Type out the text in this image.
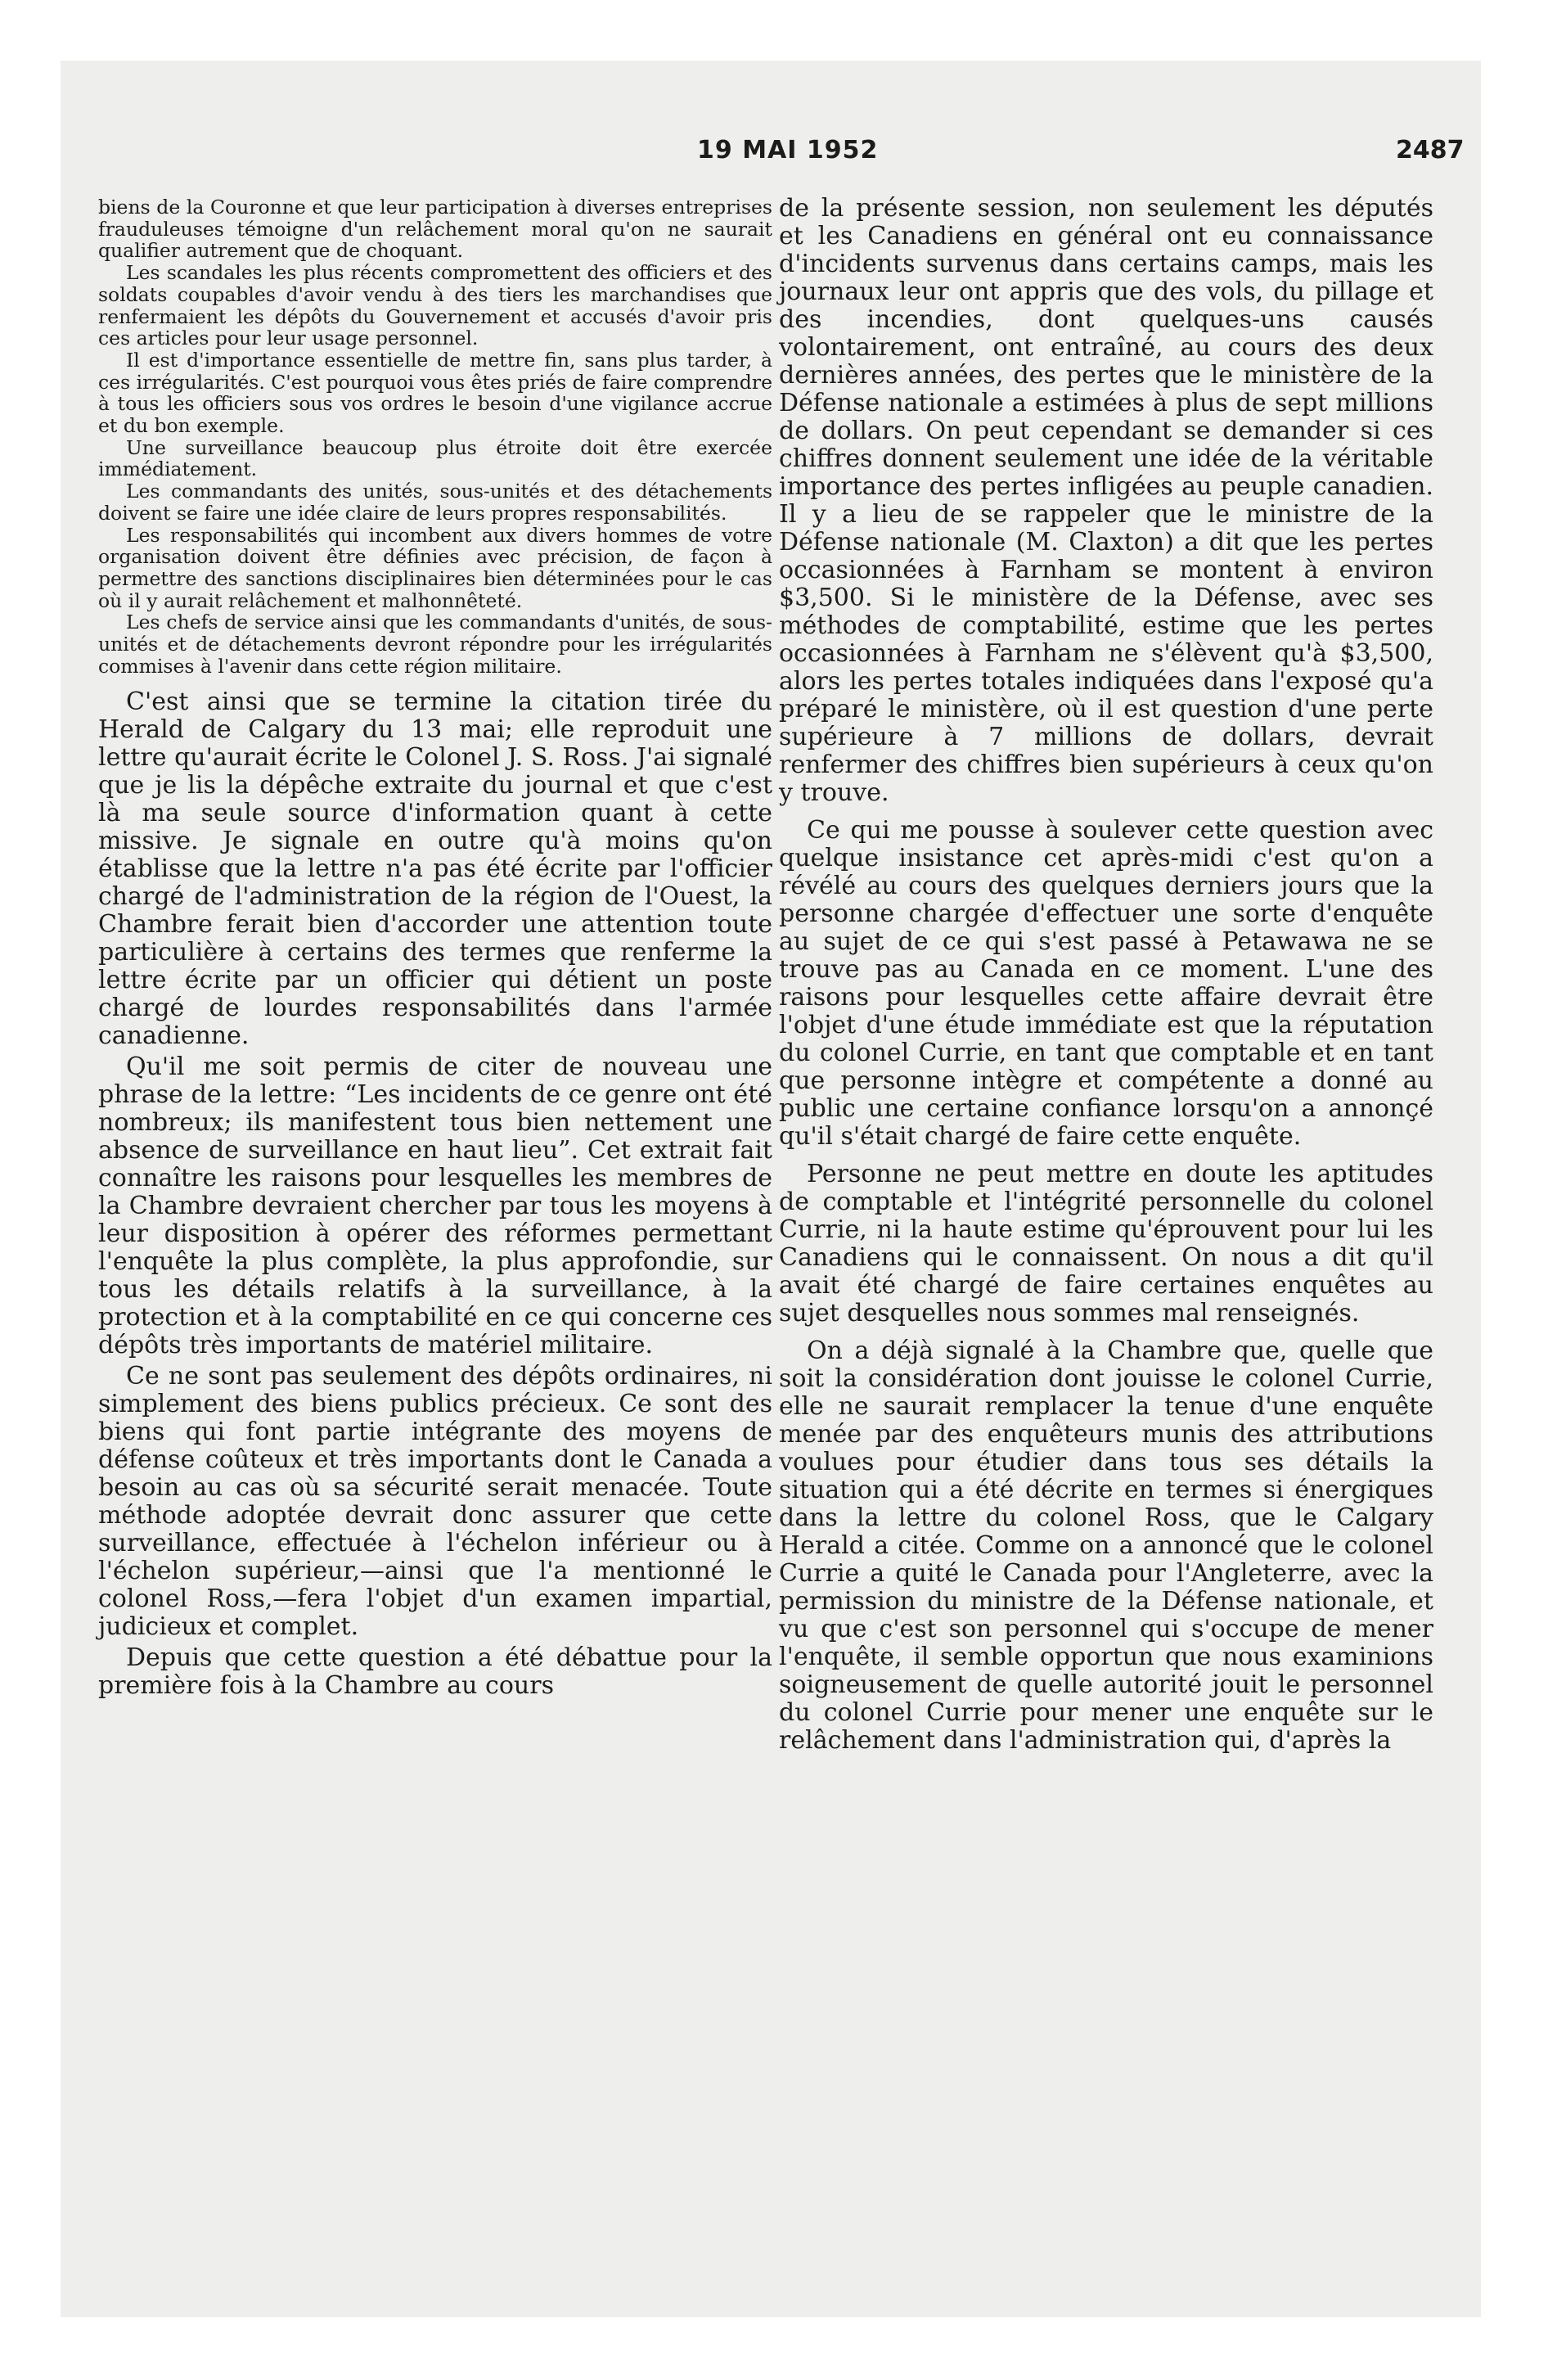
19 MAI 1952	2487

biens de la Couronne et que leur participation à diverses entreprises frauduleuses témoigne d'un relâchement moral qu'on ne saurait qualifier autrement que de choquant.

Les scandales les plus récents compromettent des officiers et des soldats coupables d'avoir vendu à des tiers les marchandises que renfermaient les dépôts du Gouvernement et accusés d'avoir pris ces articles pour leur usage personnel.

Il est d'importance essentielle de mettre fin, sans plus tarder, à ces irrégularités. C'est pourquoi vous êtes priés de faire comprendre à tous les officiers sous vos ordres le besoin d'une vigilance accrue et du bon exemple.

Une surveillance beaucoup plus étroite doit être exercée immédiatement.

Les commandants des unités, sous-unités et des détachements doivent se faire une idée claire de leurs propres responsabilités.

Les responsabilités qui incombent aux divers hommes de votre organisation doivent être définies avec précision, de façon à permettre des sanctions disciplinaires bien déterminées pour le cas où il y aurait relâchement et malhonnêteté.

Les chefs de service ainsi que les commandants d'unités, de sous-unités et de détachements devront répondre pour les irrégularités commises à l'avenir dans cette région militaire.

C'est ainsi que se termine la citation tirée du Herald de Calgary du 13 mai; elle reproduit une lettre qu'aurait écrite le Colonel J. S. Ross. J'ai signalé que je lis la dépêche extraite du journal et que c'est là ma seule source d'information quant à cette missive. Je signale en outre qu'à moins qu'on établisse que la lettre n'a pas été écrite par l'officier chargé de l'administration de la région de l'Ouest, la Chambre ferait bien d'accorder une attention toute particulière à certains des termes que renferme la lettre écrite par un officier qui détient un poste chargé de lourdes responsabilités dans l'armée canadienne.

Qu'il me soit permis de citer de nouveau une phrase de la lettre: “Les incidents de ce genre ont été nombreux; ils manifestent tous bien nettement une absence de surveillance en haut lieu”. Cet extrait fait connaître les raisons pour lesquelles les membres de la Chambre devraient chercher par tous les moyens à leur disposition à opérer des réformes permettant l'enquête la plus complète, la plus approfondie, sur tous les détails relatifs à la surveillance, à la protection et à la comptabilité en ce qui concerne ces dépôts très importants de matériel militaire.

Ce ne sont pas seulement des dépôts ordinaires, ni simplement des biens publics précieux. Ce sont des biens qui font partie intégrante des moyens de défense coûteux et très importants dont le Canada a besoin au cas où sa sécurité serait menacée. Toute méthode adoptée devrait donc assurer que cette surveillance, effectuée à l'échelon inférieur ou à l'échelon supérieur,—ainsi que l'a mentionné le colonel Ross,—fera l'objet d'un examen impartial, judicieux et complet.

Depuis que cette question a été débattue pour la première fois à la Chambre au cours

de la présente session, non seulement les députés et les Canadiens en général ont eu connaissance d'incidents survenus dans certains camps, mais les journaux leur ont appris que des vols, du pillage et des incendies, dont quelques-uns causés volontairement, ont entraîné, au cours des deux dernières années, des pertes que le ministère de la Défense nationale a estimées à plus de sept millions de dollars. On peut cependant se demander si ces chiffres donnent seulement une idée de la véritable importance des pertes infligées au peuple canadien. Il y a lieu de se rappeler que le ministre de la Défense nationale (M. Claxton) a dit que les pertes occasionnées à Farnham se montent à environ $3,500. Si le ministère de la Défense, avec ses méthodes de comptabilité, estime que les pertes occasionnées à Farnham ne s'élèvent qu'à $3,500, alors les pertes totales indiquées dans l'exposé qu'a préparé le ministère, où il est question d'une perte supérieure à 7 millions de dollars, devrait renfermer des chiffres bien supérieurs à ceux qu'on y trouve.

Ce qui me pousse à soulever cette question avec quelque insistance cet après-midi c'est qu'on a révélé au cours des quelques derniers jours que la personne chargée d'effectuer une sorte d'enquête au sujet de ce qui s'est passé à Petawawa ne se trouve pas au Canada en ce moment. L'une des raisons pour lesquelles cette affaire devrait être l'objet d'une étude immédiate est que la réputation du colonel Currie, en tant que comptable et en tant que personne intègre et compétente a donné au public une certaine confiance lorsqu'on a annonçé qu'il s'était chargé de faire cette enquête.

Personne ne peut mettre en doute les aptitudes de comptable et l'intégrité personnelle du colonel Currie, ni la haute estime qu'éprouvent pour lui les Canadiens qui le connaissent. On nous a dit qu'il avait été chargé de faire certaines enquêtes au sujet desquelles nous sommes mal renseignés.

On a déjà signalé à la Chambre que, quelle que soit la considération dont jouisse le colonel Currie, elle ne saurait remplacer la tenue d'une enquête menée par des enquêteurs munis des attributions voulues pour étudier dans tous ses détails la situation qui a été décrite en termes si énergiques dans la lettre du colonel Ross, que le Calgary Herald a citée. Comme on a annoncé que le colonel Currie a quité le Canada pour l'Angleterre, avec la permission du ministre de la Défense nationale, et vu que c'est son personnel qui s'occupe de mener l'enquête, il semble opportun que nous examinions soigneusement de quelle autorité jouit le personnel du colonel Currie pour mener une enquête sur le relâchement dans l'administration qui, d'après la
